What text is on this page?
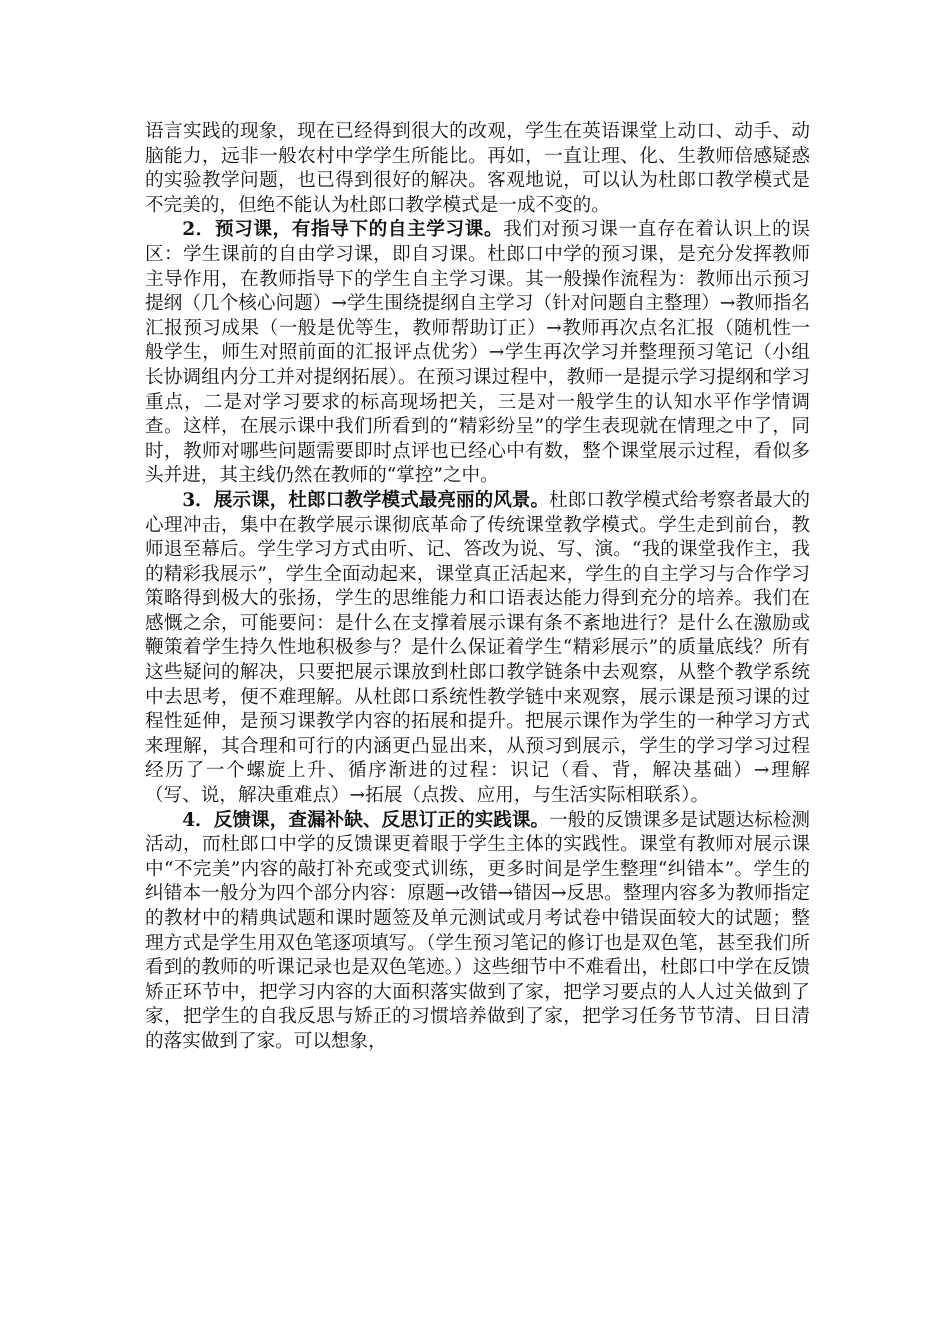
语言实践的现象，现在已经得到很大的改观，学生在英语课堂上动口、动手、动脑能力，远非一般农村中学学生所能比。再如，一直让理、化、生教师倍感疑惑的实验教学问题，也已得到很好的解决。客观地说，可以认为杜郎口教学模式是不完美的，但绝不能认为杜郎口教学模式是一成不变的。

2．预习课，有指导下的自主学习课。我们对预习课一直存在着认识上的误区：学生课前的自由学习课，即自习课。杜郎口中学的预习课，是充分发挥教师主导作用，在教师指导下的学生自主学习课。其一般操作流程为：教师出示预习提纲（几个核心问题）→学生围绕提纲自主学习（针对问题自主整理）→教师指名汇报预习成果（一般是优等生，教师帮助订正）→教师再次点名汇报（随机性一般学生，师生对照前面的汇报评点优劣）→学生再次学习并整理预习笔记（小组长协调组内分工并对提纲拓展）。在预习课过程中，教师一是提示学习提纲和学习重点，二是对学习要求的标高现场把关，三是对一般学生的认知水平作学情调查。这样，在展示课中我们所看到的“精彩纷呈”的学生表现就在情理之中了，同时，教师对哪些问题需要即时点评也已经心中有数，整个课堂展示过程，看似多头并进，其主线仍然在教师的“掌控”之中。

3．展示课，杜郎口教学模式最亮丽的风景。杜郎口教学模式给考察者最大的心理冲击，集中在教学展示课彻底革命了传统课堂教学模式。学生走到前台，教师退至幕后。学生学习方式由听、记、答改为说、写、演。“我的课堂我作主，我的精彩我展示”，学生全面动起来，课堂真正活起来，学生的自主学习与合作学习策略得到极大的张扬，学生的思维能力和口语表达能力得到充分的培养。我们在感慨之余，可能要问：是什么在支撑着展示课有条不紊地进行？是什么在激励或鞭策着学生持久性地积极参与？是什么保证着学生“精彩展示”的质量底线？所有这些疑问的解决，只要把展示课放到杜郎口教学链条中去观察，从整个教学系统中去思考，便不难理解。从杜郎口系统性教学链中来观察，展示课是预习课的过程性延伸，是预习课教学内容的拓展和提升。把展示课作为学生的一种学习方式来理解，其合理和可行的内涵更凸显出来，从预习到展示，学生的学习学习过程经历了一个螺旋上升、循序渐进的过程：识记（看、背，解决基础）→理解（写、说，解决重难点）→拓展（点拨、应用，与生活实际相联系）。

4．反馈课，查漏补缺、反思订正的实践课。一般的反馈课多是试题达标检测活动，而杜郎口中学的反馈课更着眼于学生主体的实践性。课堂有教师对展示课中“不完美”内容的敲打补充或变式训练，更多时间是学生整理“纠错本”。学生的纠错本一般分为四个部分内容：原题→改错→错因→反思。整理内容多为教师指定的教材中的精典试题和课时题签及单元测试或月考试卷中错误面较大的试题；整理方式是学生用双色笔逐项填写。（学生预习笔记的修订也是双色笔，甚至我们所看到的教师的听课记录也是双色笔迹。）这些细节中不难看出，杜郎口中学在反馈矫正环节中，把学习内容的大面积落实做到了家，把学习要点的人人过关做到了家，把学生的自我反思与矫正的习惯培养做到了家，把学习任务节节清、日日清的落实做到了家。可以想象，
